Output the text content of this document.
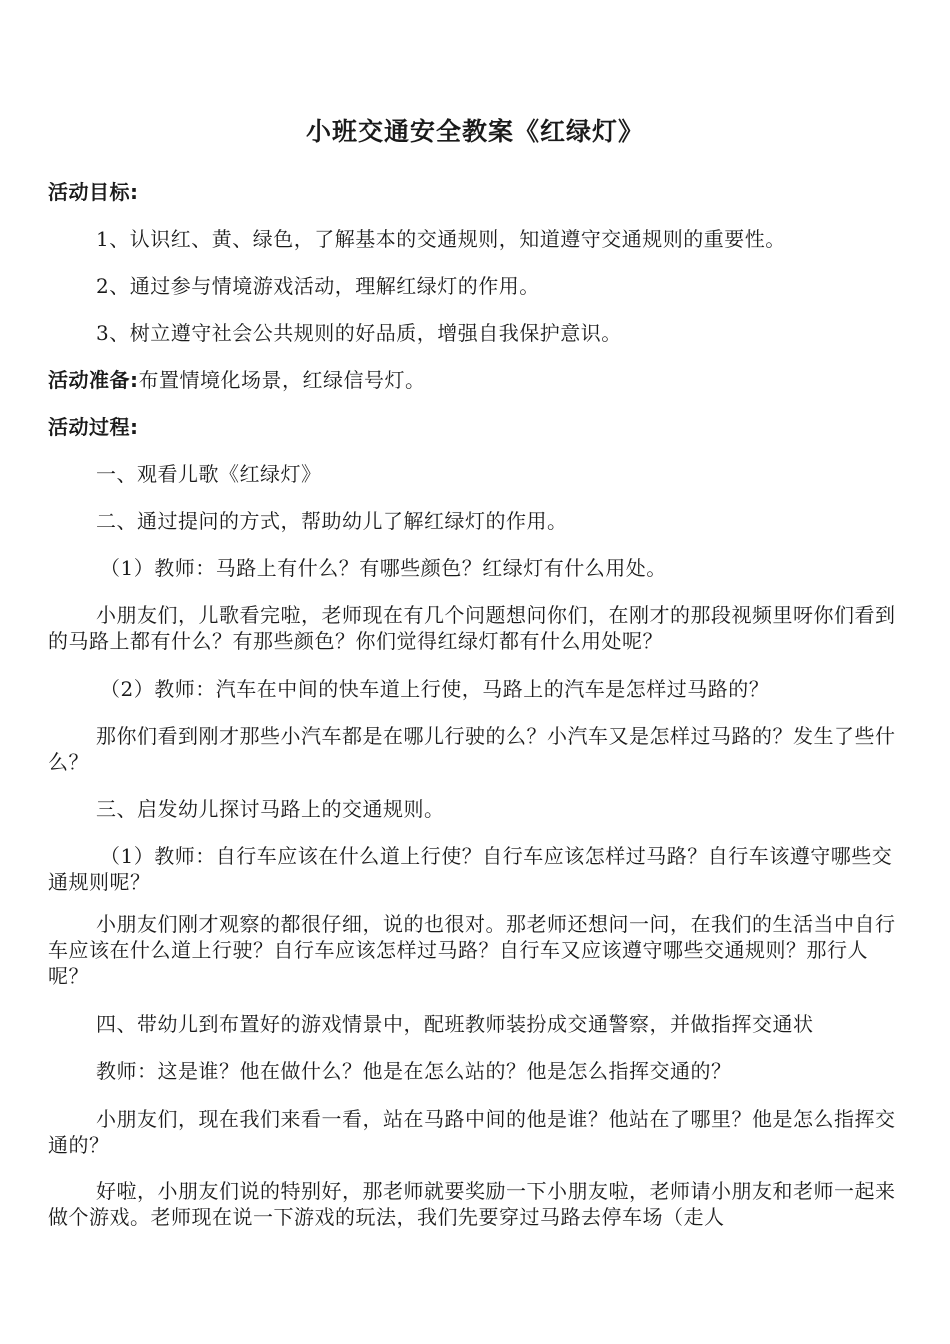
小班交通安全教案《红绿灯》
活动目标:
1、认识红、黄、绿色，了解基本的交通规则，知道遵守交通规则的重要性。
2、通过参与情境游戏活动，理解红绿灯的作用。
3、树立遵守社会公共规则的好品质，增强自我保护意识。
活动准备:布置情境化场景，红绿信号灯。
活动过程:
一、观看儿歌《红绿灯》
二、通过提问的方式，帮助幼儿了解红绿灯的作用。
（1）教师：马路上有什么？有哪些颜色？红绿灯有什么用处。
小朋友们，儿歌看完啦，老师现在有几个问题想问你们，在刚才的那段视频里呀你们看到的马路上都有什么？有那些颜色？你们觉得红绿灯都有什么用处呢？
（2）教师：汽车在中间的快车道上行使，马路上的汽车是怎样过马路的？
那你们看到刚才那些小汽车都是在哪儿行驶的么？小汽车又是怎样过马路的？发生了些什么？
三、启发幼儿探讨马路上的交通规则。
（1）教师：自行车应该在什么道上行使？自行车应该怎样过马路？自行车该遵守哪些交通规则呢？
小朋友们刚才观察的都很仔细，说的也很对。那老师还想问一问，在我们的生活当中自行车应该在什么道上行驶？自行车应该怎样过马路？自行车又应该遵守哪些交通规则？那行人呢？
四、带幼儿到布置好的游戏情景中，配班教师装扮成交通警察，并做指挥交通状
教师：这是谁？他在做什么？他是在怎么站的？他是怎么指挥交通的？
小朋友们，现在我们来看一看，站在马路中间的他是谁？他站在了哪里？他是怎么指挥交通的？
好啦，小朋友们说的特别好，那老师就要奖励一下小朋友啦，老师请小朋友和老师一起来做个游戏。老师现在说一下游戏的玩法，我们先要穿过马路去停车场（走人
